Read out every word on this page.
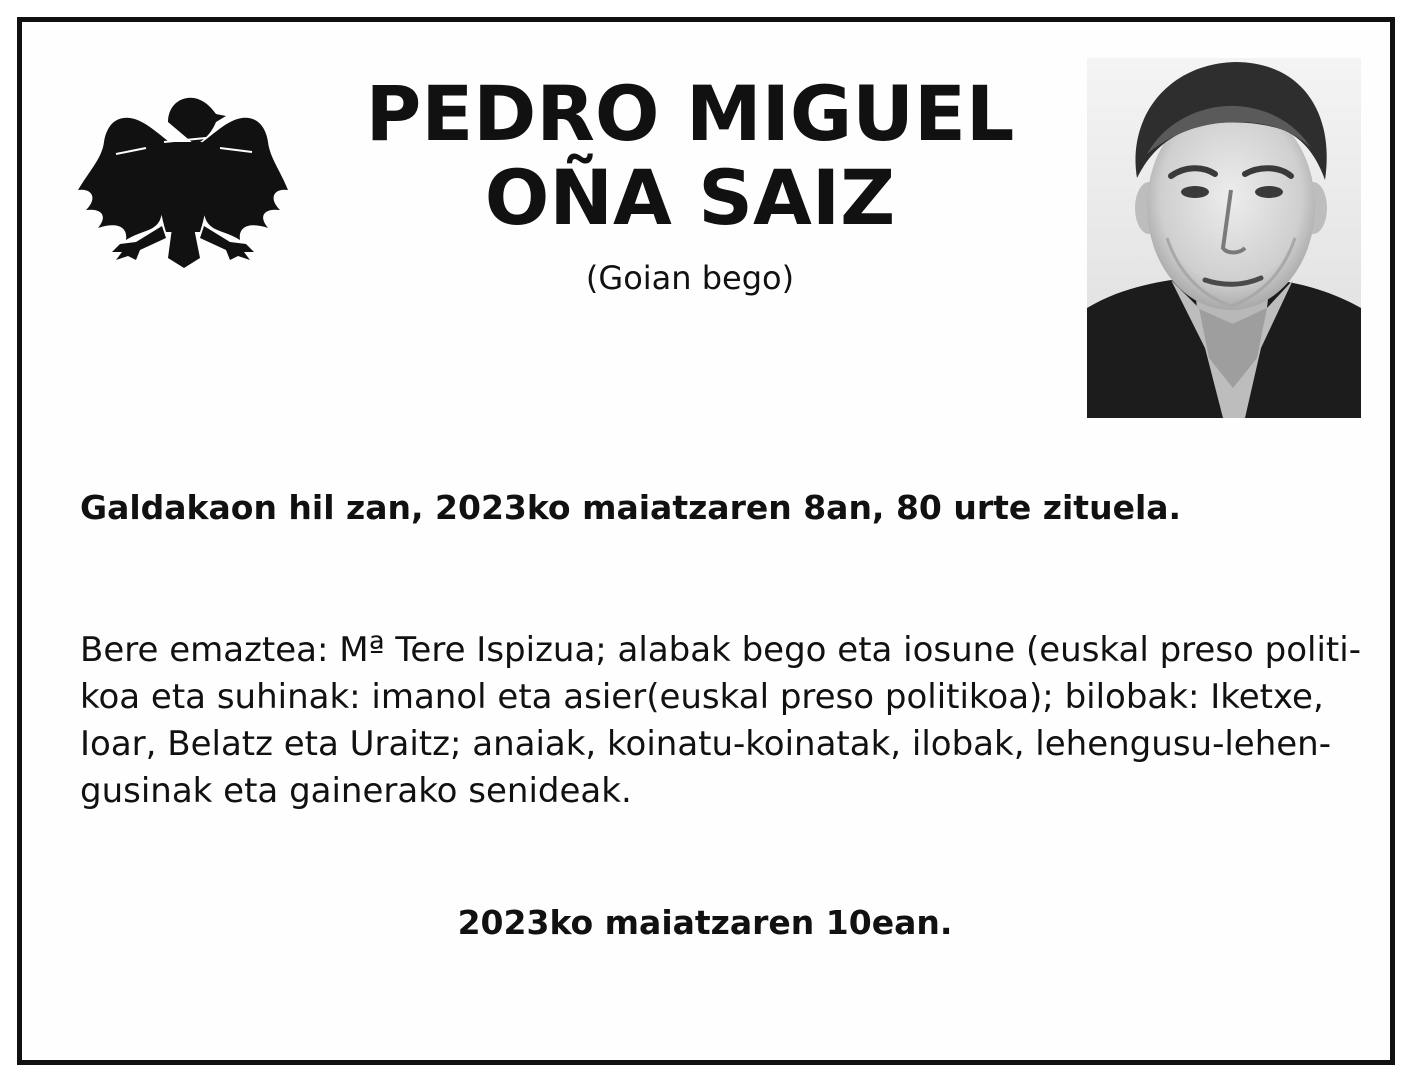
PEDRO MIGUEL
OÑA SAIZ
(Goian bego)
Galdakaon hil zan, 2023ko maiatzaren 8an, 80 urte zituela.
Bere emaztea: Mª Tere Ispizua; alabak bego eta iosune (euskal preso politi-
koa eta suhinak: imanol eta asier(euskal preso politikoa); bilobak: Iketxe,
Ioar, Belatz eta Uraitz; anaiak, koinatu-koinatak, ilobak, lehengusu-lehen-
gusinak eta gainerako senideak.
2023ko maiatzaren 10ean.
